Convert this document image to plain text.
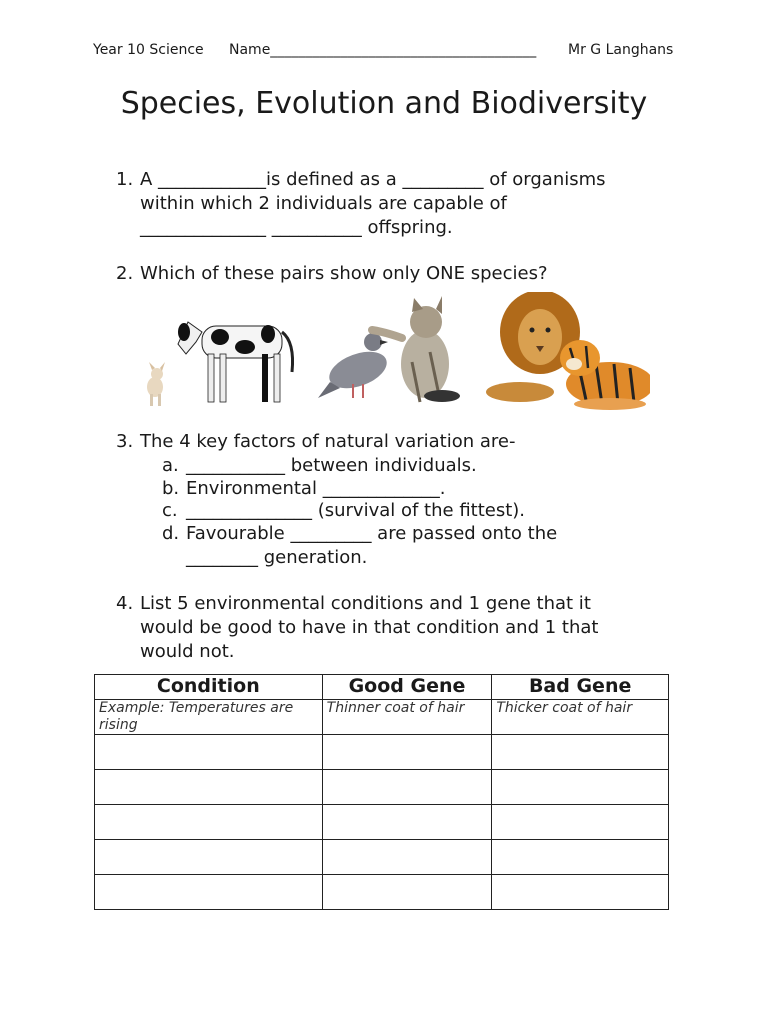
Year 10 Science Name______________________________________ Mr G Langhans
Species, Evolution and Biodiversity
1. A ____________is defined as a _________ of organisms
within which 2 individuals are capable of
______________ __________ offspring.
2. Which of these pairs show only ONE species?
3. The 4 key factors of natural variation are-
a. ___________ between individuals.
b. Environmental _____________.
c. ______________ (survival of the fittest).
d. Favourable _________ are passed onto the
________ generation.
4. List 5 environmental conditions and 1 gene that it
would be good to have in that condition and 1 that
would not.
Condition	Good Gene	Bad Gene
Example: Temperatures are rising	Thinner coat of hair	Thicker coat of hair
